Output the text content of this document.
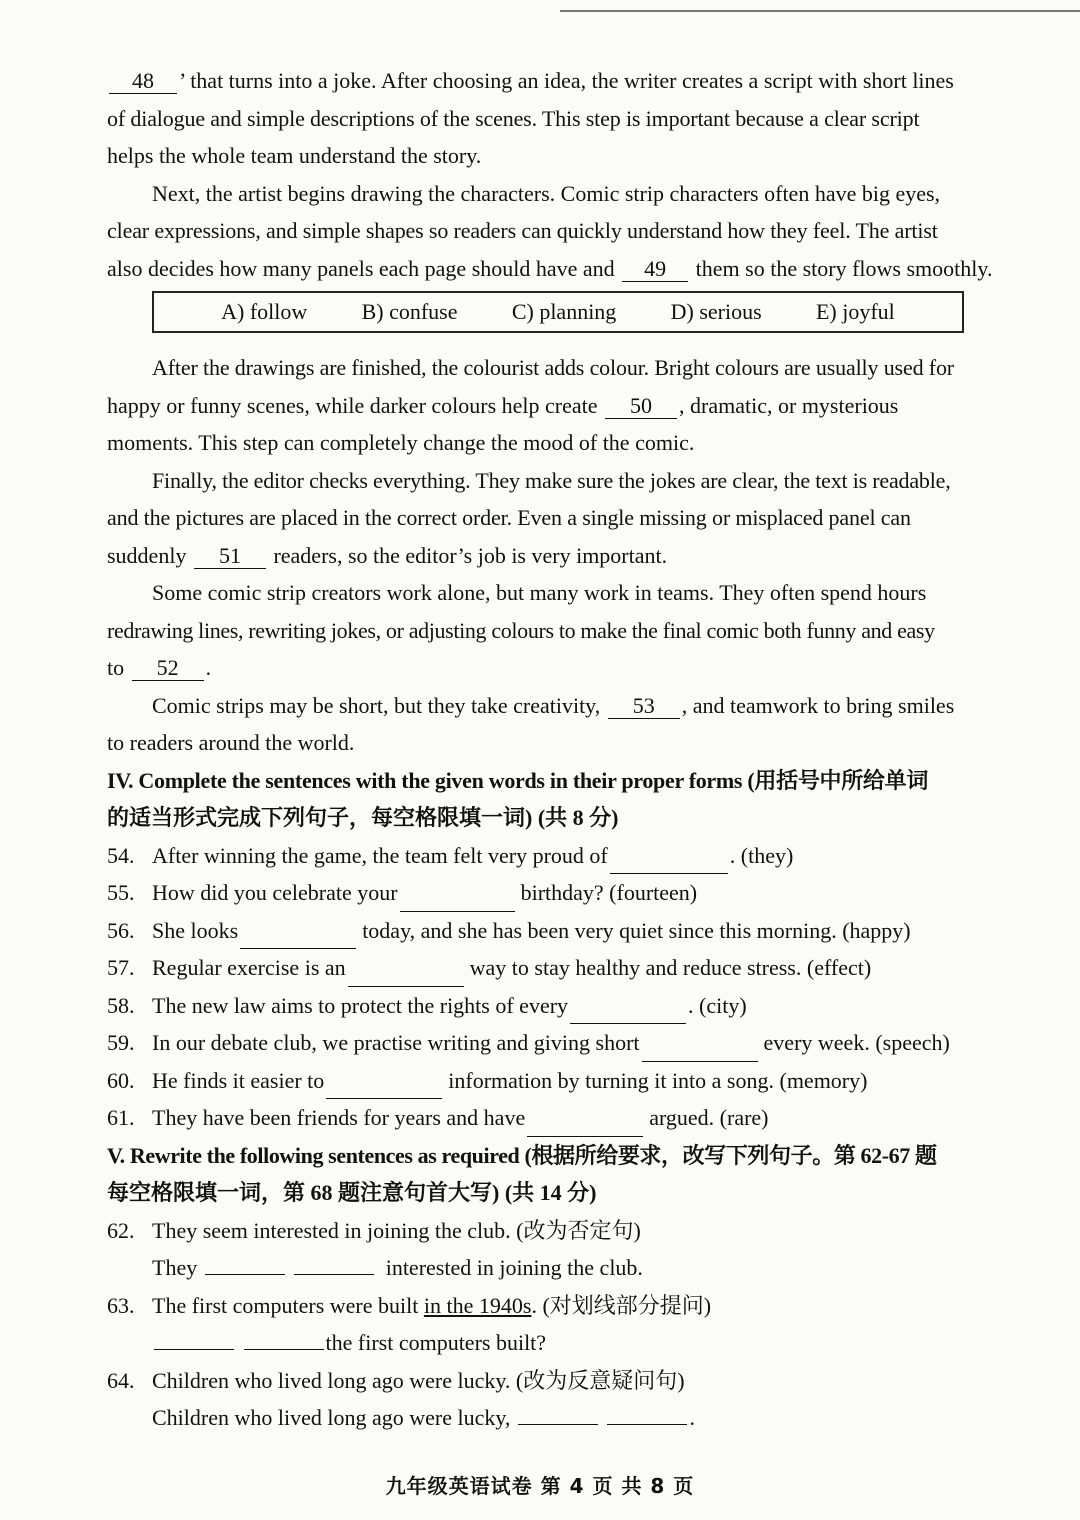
48 ’ that turns into a joke. After choosing an idea, the writer creates a script with short lines
of dialogue and simple descriptions of the scenes. This step is important because a clear script
helps the whole team understand the story.
Next, the artist begins drawing the characters. Comic strip characters often have big eyes,
clear expressions, and simple shapes so readers can quickly understand how they feel. The artist
also decides how many panels each page should have and 49 them so the story flows smoothly.
A) follow B) confuse C) planning D) serious E) joyful
After the drawings are finished, the colourist adds colour. Bright colours are usually used for
happy or funny scenes, while darker colours help create 50 , dramatic, or mysterious
moments. This step can completely change the mood of the comic.
Finally, the editor checks everything. They make sure the jokes are clear, the text is readable,
and the pictures are placed in the correct order. Even a single missing or misplaced panel can
suddenly 51 readers, so the editor’s job is very important.
Some comic strip creators work alone, but many work in teams. They often spend hours
redrawing lines, rewriting jokes, or adjusting colours to make the final comic both funny and easy
to 52 .
Comic strips may be short, but they take creativity, 53 , and teamwork to bring smiles
to readers around the world.
IV. Complete the sentences with the given words in their proper forms (用括号中所给单词
的适当形式完成下列句子，每空格限填一词) (共 8 分)
54. After winning the game, the team felt very proud of	. (they)
55. How did you celebrate your	birthday? (fourteen)
56. She looks	today, and she has been very quiet since this morning. (happy)
57. Regular exercise is an	way to stay healthy and reduce stress. (effect)
58. The new law aims to protect the rights of every	. (city)
59. In our debate club, we practise writing and giving short	every week. (speech)
60. He finds it easier to	information by turning it into a song. (memory)
61. They have been friends for years and have	argued. (rare)
V. Rewrite the following sentences as required (根据所给要求，改写下列句子。第 62-67 题
每空格限填一词，第 68 题注意句首大写) (共 14 分)
62. They seem interested in joining the club. (改为否定句)
They	interested in joining the club.
63. The first computers were built
in the 1940s . (对划线部分提问)
the first computers built?
64. Children who lived long ago were lucky. (改为反意疑问句)
Children who lived long ago were lucky,	.
九年级英语试卷 第 4 页 共 8 页
